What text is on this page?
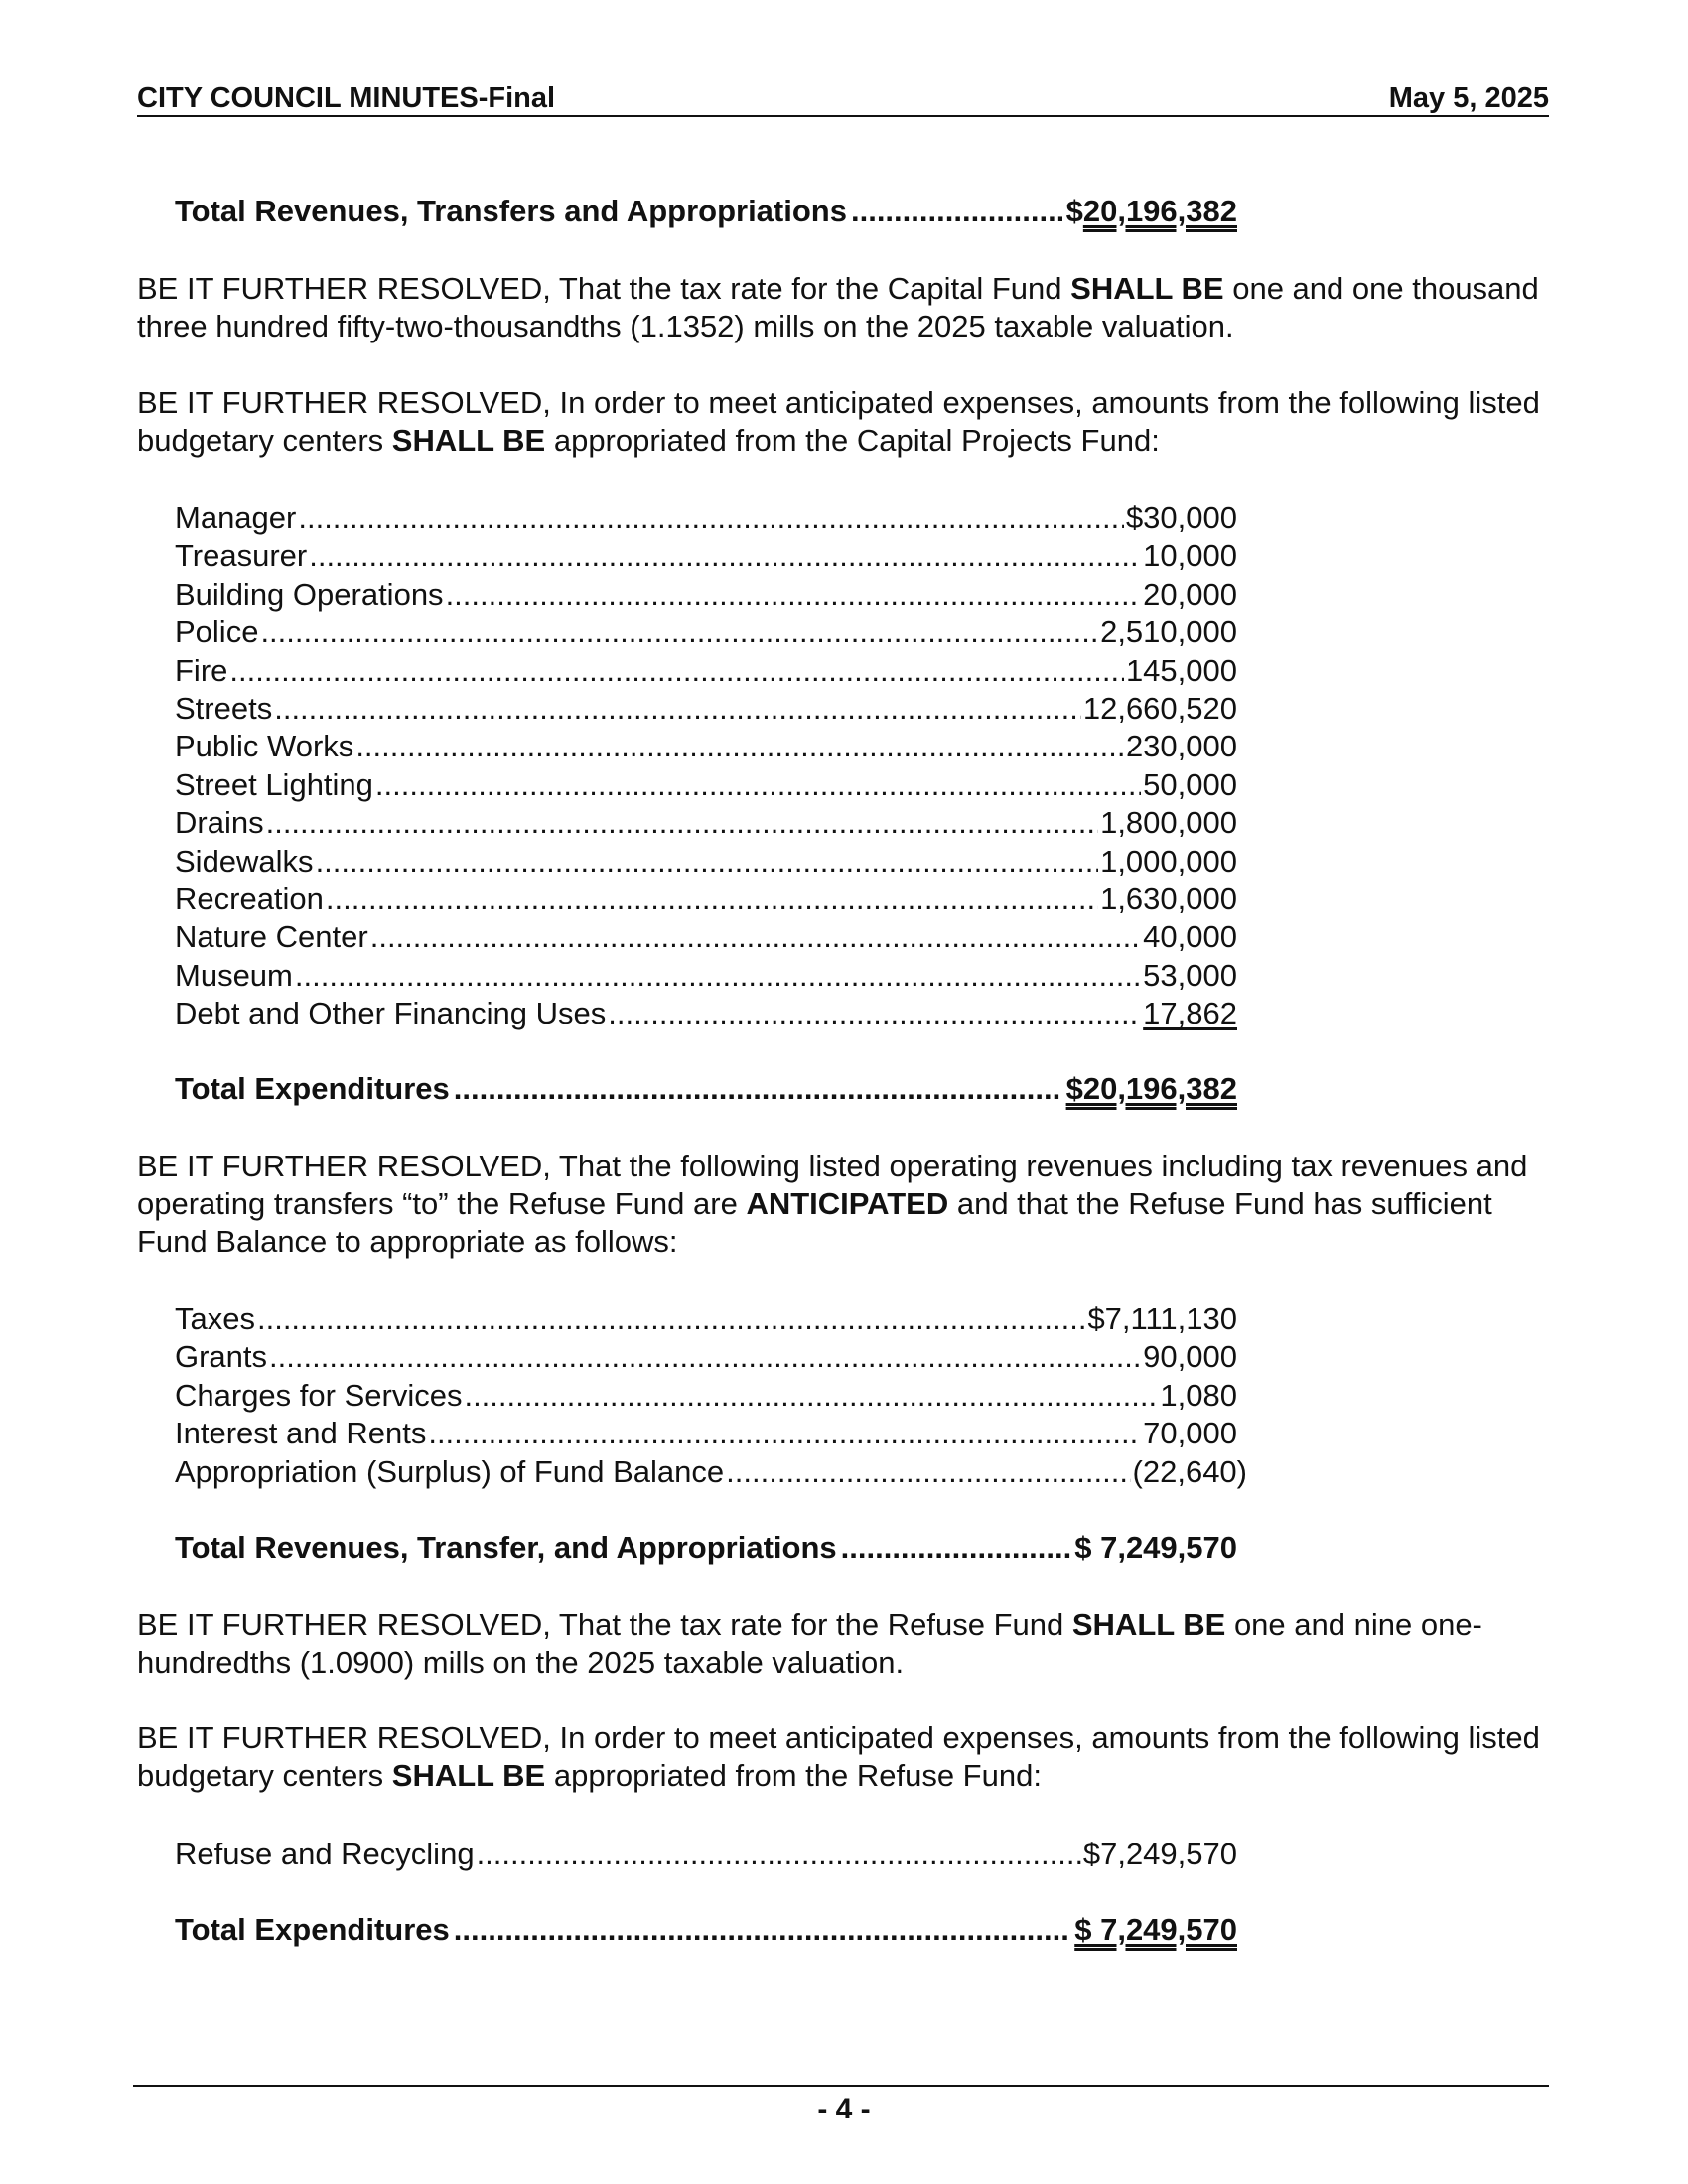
CITY COUNCIL MINUTES-Final	May 5, 2025
Total Revenues, Transfers and Appropriations .....	$ 20,196,382

BE IT FURTHER RESOLVED, That the tax rate for the Capital Fund SHALL BE one and one thousand three hundred fifty-two-thousandths (1.1352) mills on the 2025 taxable valuation.

BE IT FURTHER RESOLVED, In order to meet anticipated expenses, amounts from the following listed budgetary centers SHALL BE appropriated from the Capital Projects Fund:

Manager .....	$30,000
Treasurer .....	10,000
Building Operations .....	20,000
Police .....	2,510,000
Fire .....	145,000
Streets .....	12,660,520
Public Works .....	230,000
Street Lighting .....	50,000
Drains .....	1,800,000
Sidewalks .....	1,000,000
Recreation .....	1,630,000
Nature Center .....	40,000
Museum .....	53,000
Debt and Other Financing Uses .....	17,862
Total Expenditures .....	$20,196,382

BE IT FURTHER RESOLVED, That the following listed operating revenues including tax revenues and operating transfers “to” the Refuse Fund are ANTICIPATED and that the Refuse Fund has sufficient Fund Balance to appropriate as follows:

Taxes .....	$7,111,130
Grants .....	90,000
Charges for Services .....	1,080
Interest and Rents .....	70,000
Appropriation (Surplus) of Fund Balance .....	(22,640)
Total Revenues, Transfer, and Appropriations .....	$ 7,249,570

BE IT FURTHER RESOLVED, That the tax rate for the Refuse Fund SHALL BE one and nine one-hundredths (1.0900) mills on the 2025 taxable valuation.

BE IT FURTHER RESOLVED, In order to meet anticipated expenses, amounts from the following listed budgetary centers SHALL BE appropriated from the Refuse Fund:

Refuse and Recycling .....	$7,249,570
Total Expenditures .....	$ 7,249,570
- 4 -
